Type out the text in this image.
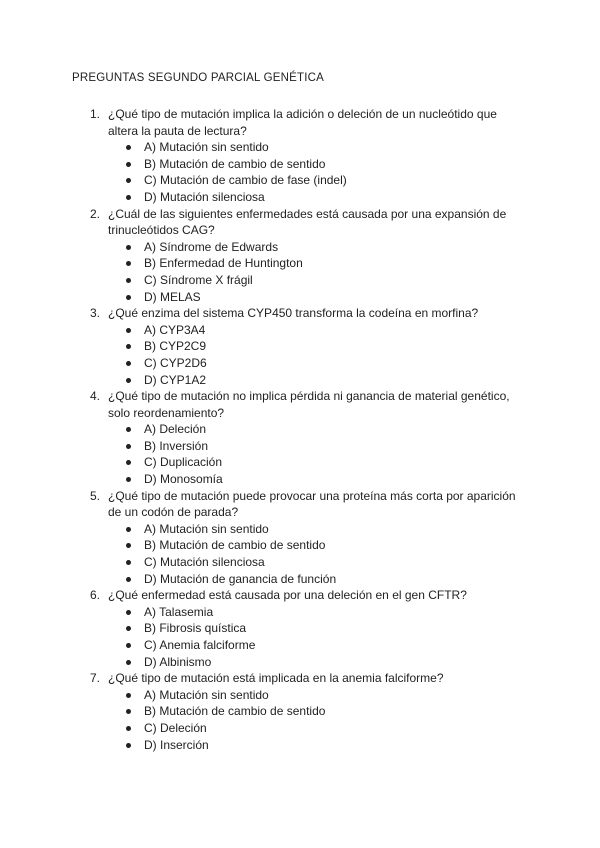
PREGUNTAS SEGUNDO PARCIAL GENÉTICA
1. ¿Qué tipo de mutación implica la adición o deleción de un nucleótido que altera la pauta de lectura?
A) Mutación sin sentido
B) Mutación de cambio de sentido
C) Mutación de cambio de fase (indel)
D) Mutación silenciosa
2. ¿Cuál de las siguientes enfermedades está causada por una expansión de trinucleótidos CAG?
A) Síndrome de Edwards
B) Enfermedad de Huntington
C) Síndrome X frágil
D) MELAS
3. ¿Qué enzima del sistema CYP450 transforma la codeína en morfina?
A) CYP3A4
B) CYP2C9
C) CYP2D6
D) CYP1A2
4. ¿Qué tipo de mutación no implica pérdida ni ganancia de material genético, solo reordenamiento?
A) Deleción
B) Inversión
C) Duplicación
D) Monosomía
5. ¿Qué tipo de mutación puede provocar una proteína más corta por aparición de un codón de parada?
A) Mutación sin sentido
B) Mutación de cambio de sentido
C) Mutación silenciosa
D) Mutación de ganancia de función
6. ¿Qué enfermedad está causada por una deleción en el gen CFTR?
A) Talasemia
B) Fibrosis quística
C) Anemia falciforme
D) Albinismo
7. ¿Qué tipo de mutación está implicada en la anemia falciforme?
A) Mutación sin sentido
B) Mutación de cambio de sentido
C) Deleción
D) Inserción
